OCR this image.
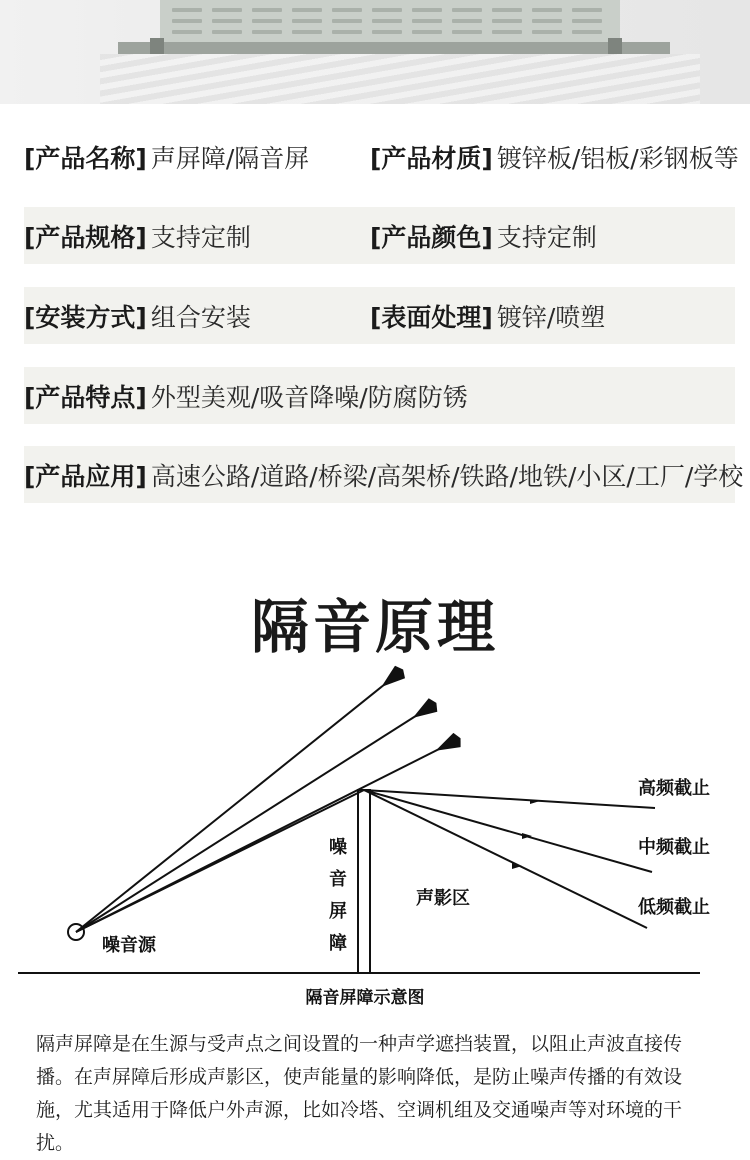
[产品名称] 声屏障/隔音屏 [产品材质] 镀锌板/铝板/彩钢板等
[产品规格] 支持定制	[产品颜色] 支持定制
[安装方式] 组合安装	[表面处理] 镀锌/喷塑
[产品特点] 外型美观/吸音降噪/防腐防锈
[产品应用] 高速公路/道路/桥梁/高架桥/铁路/地铁/小区/工厂/学校
隔音原理
噪音源
噪
音
屏
障
声影区
高频截止
中频截止
低频截止
隔音屏障示意图

隔声屏障是在生源与受声点之间设置的一种声学遮挡装置，以阻止声波直接传播。在声屏障后形成声影区，使声能量的影响降低，是防止噪声传播的有效设施，尤其适用于降低户外声源，比如冷塔、空调机组及交通噪声等对环境的干扰。
